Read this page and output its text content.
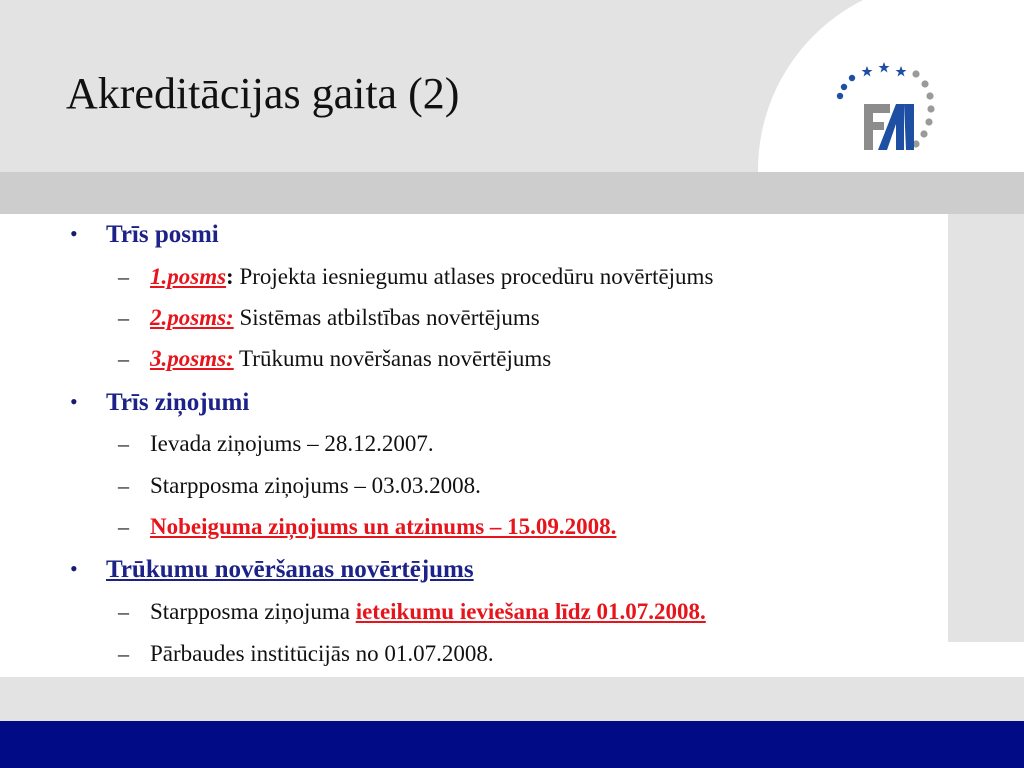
Akreditācijas gaita (2)
• Trīs posmi
– 1.posms: Projekta iesniegumu atlases procedūru novērtējums
– 2.posms: Sistēmas atbilstības novērtējums
– 3.posms: Trūkumu novēršanas novērtējums
• Trīs ziņojumi
– Ievada ziņojums – 28.12.2007.
– Starpposma ziņojums – 03.03.2008.
– Nobeiguma ziņojums un atzinums – 15.09.2008.
• Trūkumu novēršanas novērtējums
– Starpposma ziņojuma ieteikumu ieviešana līdz 01.07.2008.
– Pārbaudes institūcijās no 01.07.2008.
